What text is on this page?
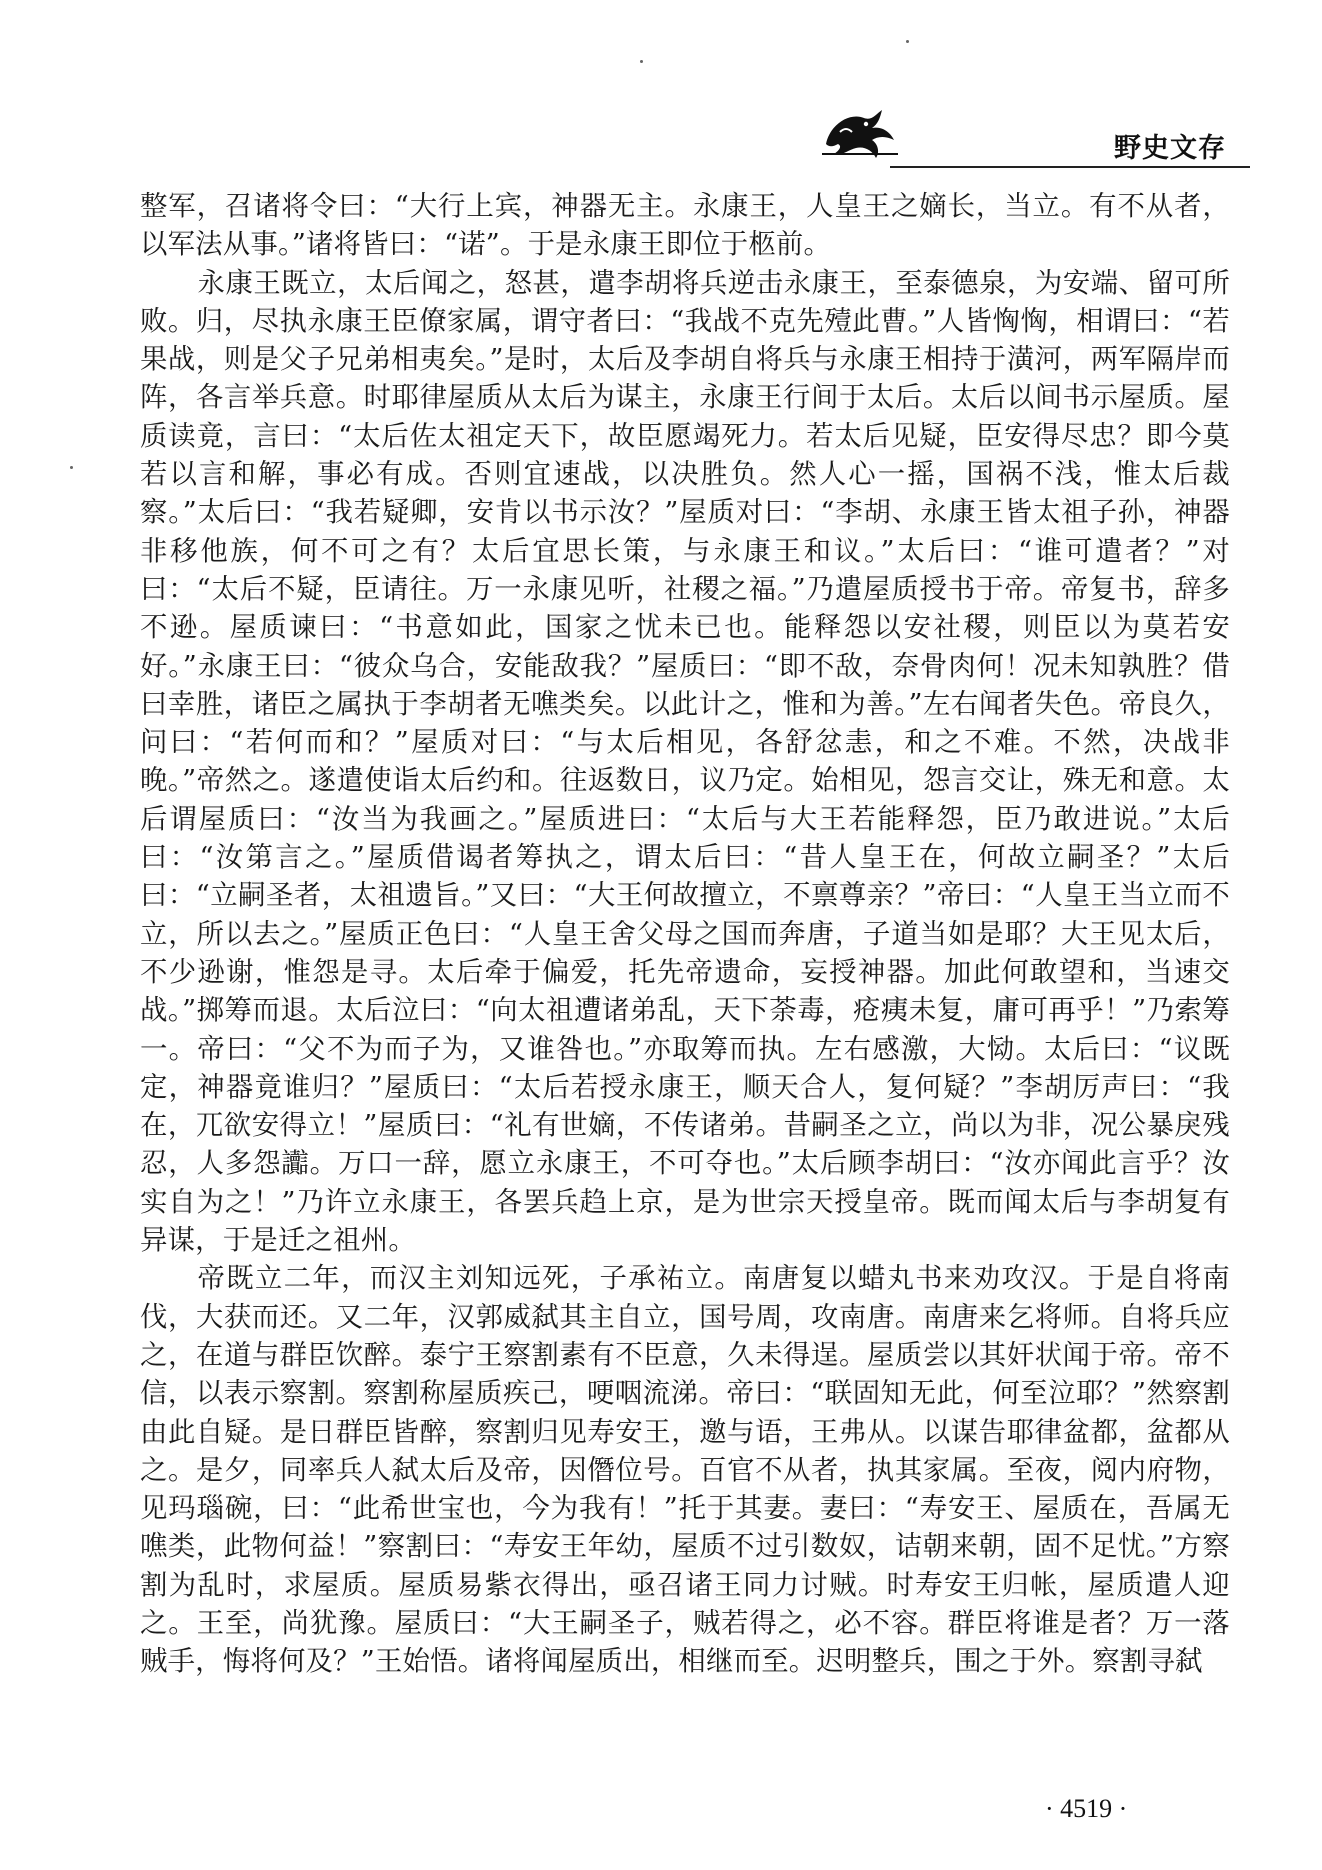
野史文存

整军，召诸将令曰：“大行上宾，神器无主。永康王，人皇王之嫡长，当立。有不从者，以军法从事。”诸将皆曰：“诺”。于是永康王即位于柩前。

永康王既立，太后闻之，怒甚，遣李胡将兵逆击永康王，至泰德泉，为安端、留可所败。归，尽执永康王臣僚家属，谓守者曰：“我战不克先殪此曹。”人皆恟恟，相谓曰：“若果战，则是父子兄弟相夷矣。”是时，太后及李胡自将兵与永康王相持于潢河，两军隔岸而阵，各言举兵意。时耶律屋质从太后为谋主，永康王行间于太后。太后以间书示屋质。屋质读竟，言曰：“太后佐太祖定天下，故臣愿竭死力。若太后见疑，臣安得尽忠？即今莫若以言和解，事必有成。否则宜速战，以决胜负。然人心一摇，国祸不浅，惟太后裁察。”太后曰：“我若疑卿，安肯以书示汝？”屋质对曰：“李胡、永康王皆太祖子孙，神器非移他族，何不可之有？太后宜思长策，与永康王和议。”太后曰：“谁可遣者？”对曰：“太后不疑，臣请往。万一永康见听，社稷之福。”乃遣屋质授书于帝。帝复书，辞多不逊。屋质谏曰：“书意如此，国家之忧未已也。能释怨以安社稷，则臣以为莫若安好。”永康王曰：“彼众乌合，安能敌我？”屋质曰：“即不敌，奈骨肉何！况未知孰胜？借曰幸胜，诸臣之属执于李胡者无噍类矣。以此计之，惟和为善。”左右闻者失色。帝良久，问曰：“若何而和？”屋质对曰：“与太后相见，各舒忿恚，和之不难。不然，决战非晚。”帝然之。遂遣使诣太后约和。往返数日，议乃定。始相见，怨言交让，殊无和意。太后谓屋质曰：“汝当为我画之。”屋质进曰：“太后与大王若能释怨，臣乃敢进说。”太后曰：“汝第言之。”屋质借谒者筹执之，谓太后曰：“昔人皇王在，何故立嗣圣？”太后曰：“立嗣圣者，太祖遗旨。”又曰：“大王何故擅立，不禀尊亲？”帝曰：“人皇王当立而不立，所以去之。”屋质正色曰：“人皇王舍父母之国而奔唐，子道当如是耶？大王见太后，不少逊谢，惟怨是寻。太后牵于偏爱，托先帝遗命，妄授神器。加此何敢望和，当速交战。”掷筹而退。太后泣曰：“向太祖遭诸弟乱，天下荼毒，疮痍未复，庸可再乎！”乃索筹一。帝曰：“父不为而子为，又谁咎也。”亦取筹而执。左右感激，大恸。太后曰：“议既定，神器竟谁归？”屋质曰：“太后若授永康王，顺天合人，复何疑？”李胡厉声曰：“我在，兀欲安得立！”屋质曰：“礼有世嫡，不传诸弟。昔嗣圣之立，尚以为非，况公暴戾残忍，人多怨讟。万口一辞，愿立永康王，不可夺也。”太后顾李胡曰：“汝亦闻此言乎？汝实自为之！”乃许立永康王，各罢兵趋上京，是为世宗天授皇帝。既而闻太后与李胡复有异谋，于是迁之祖州。

帝既立二年，而汉主刘知远死，子承祐立。南唐复以蜡丸书来劝攻汉。于是自将南伐，大获而还。又二年，汉郭威弑其主自立，国号周，攻南唐。南唐来乞将师。自将兵应之，在道与群臣饮醉。泰宁王察割素有不臣意，久未得逞。屋质尝以其奸状闻于帝。帝不信，以表示察割。察割称屋质疾己，哽咽流涕。帝曰：“联固知无此，何至泣耶？”然察割由此自疑。是日群臣皆醉，察割归见寿安王，邀与语，王弗从。以谋告耶律盆都，盆都从之。是夕，同率兵人弑太后及帝，因僭位号。百官不从者，执其家属。至夜，阅内府物，见玛瑙碗，曰：“此希世宝也，今为我有！”托于其妻。妻曰：“寿安王、屋质在，吾属无噍类，此物何益！”察割曰：“寿安王年幼，屋质不过引数奴，诘朝来朝，固不足忧。”方察割为乱时，求屋质。屋质易紫衣得出，亟召诸王同力讨贼。时寿安王归帐，屋质遣人迎之。王至，尚犹豫。屋质曰：“大王嗣圣子，贼若得之，必不容。群臣将谁是者？万一落贼手，悔将何及？”王始悟。诸将闻屋质出，相继而至。迟明整兵，围之于外。察割寻弑

· 4519 ·
